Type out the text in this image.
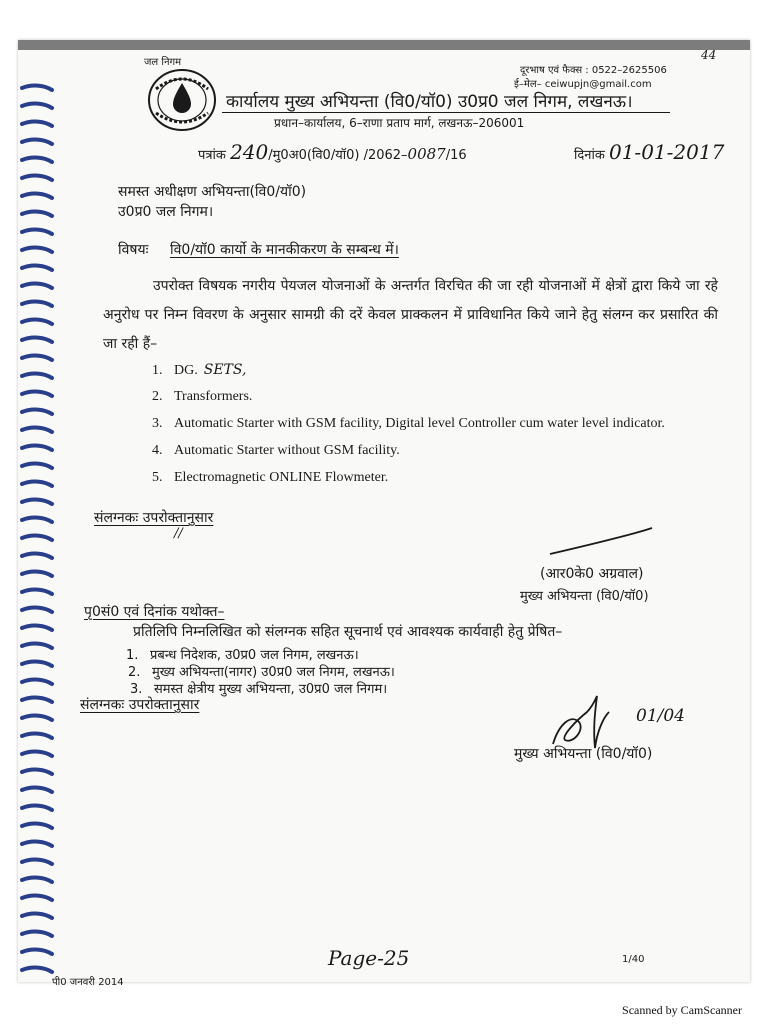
जल निगम
44
दूरभाष एवं फैक्स : 0522–2625506
ई–मेल– ceiwupjn@gmail.com
कार्यालय मुख्य अभियन्ता (वि0/यॉ0) उ0प्र0 जल निगम, लखनऊ।
प्रधान–कार्यालय, 6–राणा प्रताप मार्ग, लखनऊ–206001
पत्रांक 240/मु0अ0(वि0/यॉ0) /2062–0087/16	दिनांक 01-01-2017
समस्त अधीक्षण अभियन्ता(वि0/यॉ0)
उ0प्र0 जल निगम।
विषयः वि0/यॉ0 कार्यो के मानकीकरण के सम्बन्ध में।
उपरोक्त विषयक नगरीय पेयजल योजनाओं के अन्तर्गत विरचित की जा रही योजनाओं में क्षेत्रों द्वारा किये जा रहे अनुरोध पर निम्न विवरण के अनुसार सामग्री की दरें केवल प्राक्कलन में प्राविधानित किये जाने हेतु संलग्न कर प्रसारित की जा रही हैं–
1. DG. SETS,
2. Transformers.
3. Automatic Starter with GSM facility, Digital level Controller cum water level indicator.
4. Automatic Starter without GSM facility.
5. Electromagnetic ONLINE Flowmeter.
संलग्नकः उपरोक्तानुसार
//
(आर0के0 अग्रवाल)
मुख्य अभियन्ता (वि0/यॉ0)
पृ0सं0 एवं दिनांक यथोक्त–
प्रतिलिपि निम्नलिखित को संलग्नक सहित सूचनार्थ एवं आवश्यक कार्यवाही हेतु प्रेषित–
1. प्रबन्ध निदेशक, उ0प्र0 जल निगम, लखनऊ।
2. मुख्य अभियन्ता(नागर) उ0प्र0 जल निगम, लखनऊ।
3. समस्त क्षेत्रीय मुख्य अभियन्ता, उ0प्र0 जल निगम।
संलग्नकः उपरोक्तानुसार
01/04
मुख्य अभियन्ता (वि0/यॉ0)
Page-25
पी0 जनवरी 2014
1/40
Scanned by CamScanner
